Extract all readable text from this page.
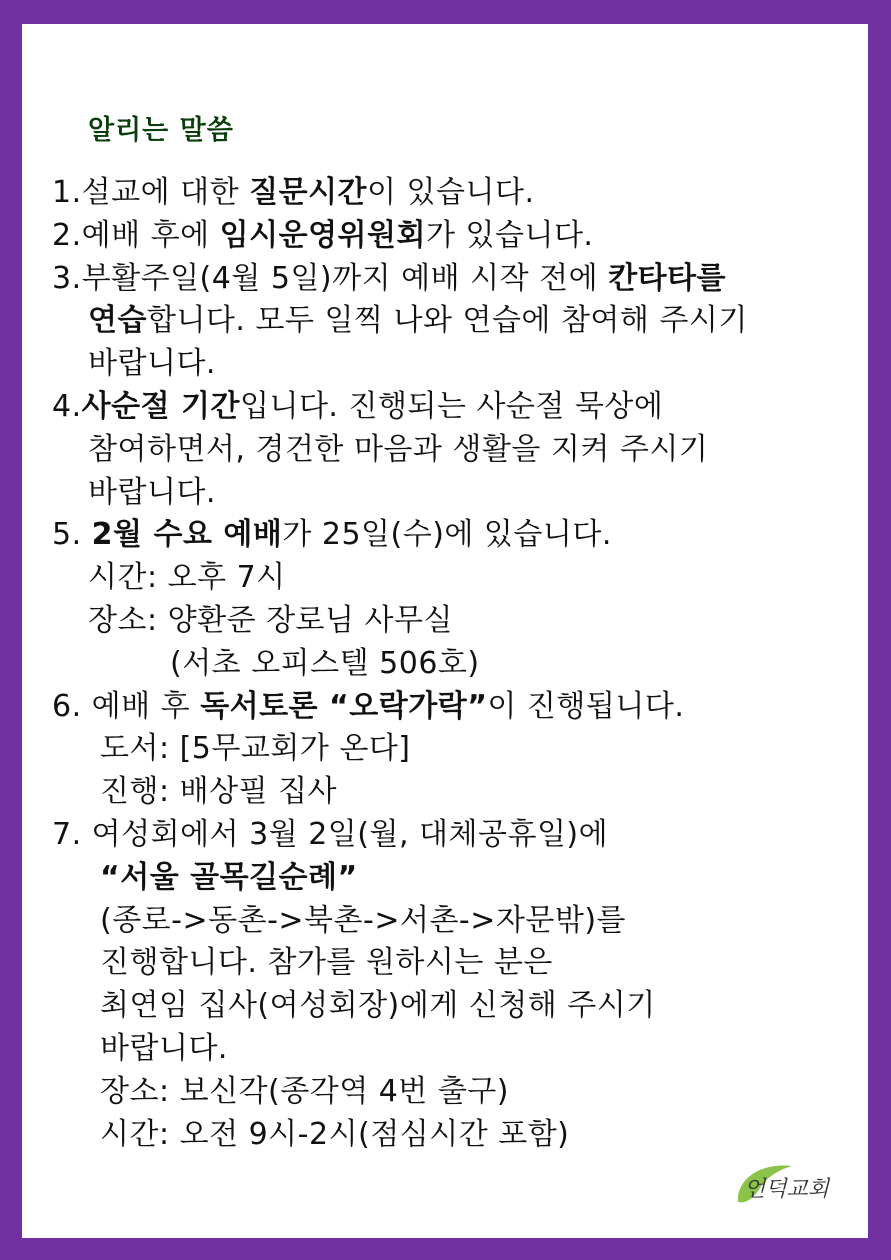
알리는 말씀
1.설교에 대한 질문시간이 있습니다.
2.예배 후에 임시운영위원회가 있습니다.
3.부활주일(4월 5일)까지 예배 시작 전에 칸타타를
연습합니다. 모두 일찍 나와 연습에 참여해 주시기
바랍니다.
4.사순절 기간입니다. 진행되는 사순절 묵상에
참여하면서, 경건한 마음과 생활을 지켜 주시기
바랍니다.
5. 2월 수요 예배가 25일(수)에 있습니다.
시간: 오후 7시
장소: 양환준 장로님 사무실
(서초 오피스텔 506호)
6. 예배 후 독서토론 “오락가락”이 진행됩니다.
도서: [5무교회가 온다]
진행: 배상필 집사
7. 여성회에서 3월 2일(월, 대체공휴일)에
“서울 골목길순례”
(종로->동촌->북촌->서촌->자문밖)를
진행합니다. 참가를 원하시는 분은
최연임 집사(여성회장)에게 신청해 주시기
바랍니다.
장소: 보신각(종각역 4번 출구)
시간: 오전 9시-2시(점심시간 포함)
언덕교회
